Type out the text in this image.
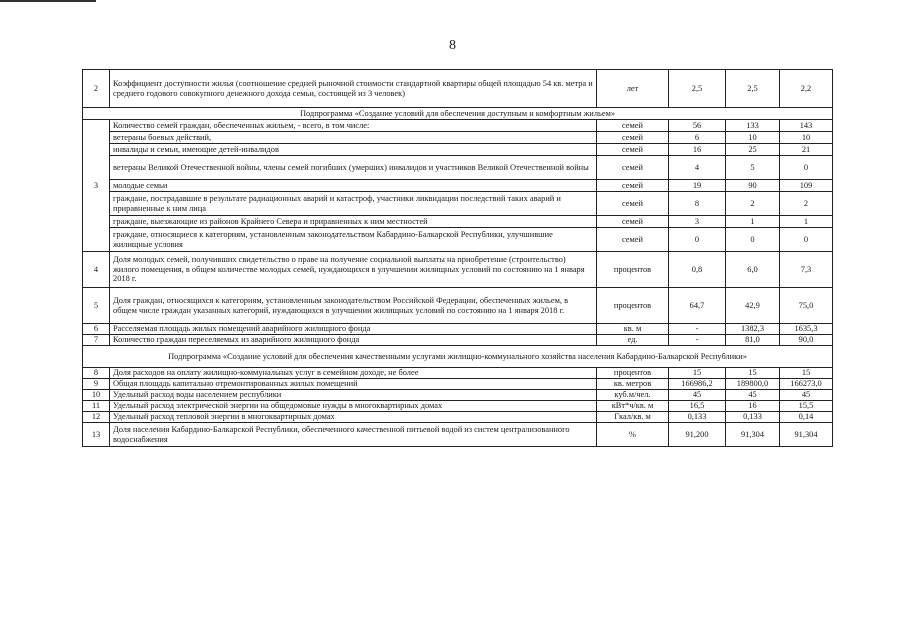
8
2	Коэффициент доступности жилья (соотношение средней рыночной стоимости стандартной квартиры общей площадью 54 кв. метра и среднего годового совокупного денежного дохода семьи, состоящей из 3 человек)	лет	2,5	2,5	2,2
Подпрограмма «Создание условий для обеспечения доступным и комфортным жильем»					
3	Количество семей граждан, обеспеченных жильем, - всего, в том числе:	семей	56	133	143
	ветераны боевых действий,	семей	6	10	10
	инвалиды и семьи, имеющие детей-инвалидов	семей	16	25	21
	ветераны Великой Отечественной войны, члены семей погибших (умерших) инвалидов и участников Великой Отечественной войны	семей	4	5	0
	молодые семьи	семей	19	90	109
	граждане, пострадавшие в результате радиационных аварий и катастроф, участники ликвидации последствий таких аварий и приравненные к ним лица	семей	8	2	2
	граждане, выезжающие из районов Крайнего Севера и приравненных к ним местностей	семей	3	1	1
	граждане, относящиеся к категориям, установленным законодательством Кабардино-Балкарской Республики, улучшившие жилищные условия	семей	0	0	0
4	Доля молодых семей, получивших свидетельство о праве на получение социальной выплаты на приобретение (строительство) жилого помещения, в общем количестве молодых семей, нуждающихся в улучшении жилищных условий по состоянию на 1 января 2018 г.	процентов	0,8	6,0	7,3
5	Доля граждан, относящихся к категориям, установленным законодательством Российской Федерации, обеспеченных жильем, в общем числе граждан указанных категорий, нуждающихся в улучшении жилищных условий по состоянию на 1 января 2018 г.	процентов	64,7	42,9	75,0
6	Расселяемая площадь жилых помещений аварийного жилищного фонда	кв. м	-	1382,3	1635,3
7	Количество граждан переселяемых из аварийного жилищного фонда	ед.	-	81,0	90,0
Подпрограмма «Создание условий для обеспечения качественными услугами жилищно-коммунального хозяйства населения Кабардино-Балкарской Республики»					
8	Доля расходов на оплату жилищно-коммунальных услуг в семейном доходе, не более	процентов	15	15	15
9	Общая площадь капитально отремонтированных жилых помещений	кв. метров	166986,2	189800,0	166273,0
10	Удельный расход воды населением республики	куб.м/чел.	45	45	45
11	Удельный расход электрической энергии на общедомовые нужды в многоквартирных домах	кВт*ч/кв. м	16,5	16	15,5
12	Удельный расход тепловой энергии в многоквартирных домах	Гкал/кв. м	0,133	0,133	0,14
13	Доля населения Кабардино-Балкарской Республики, обеспеченного качественной питьевой водой из систем централизованного водоснабжения	%	91,200	91,304	91,304
